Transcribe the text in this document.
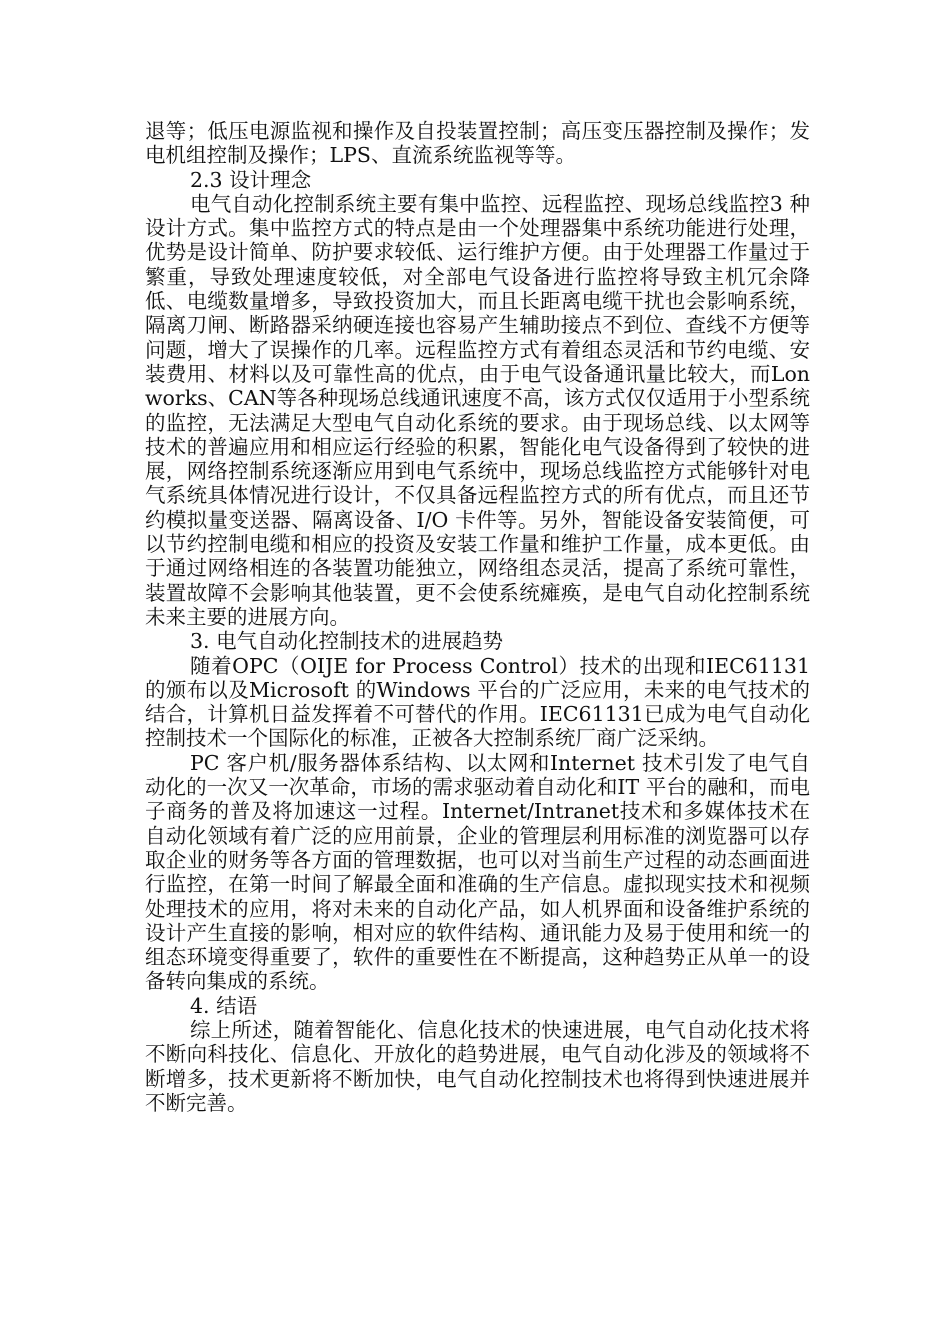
退等；低压电源监视和操作及自投装置控制；高压变压器控制及操作；发电机组控制及操作；LPS、直流系统监视等等。

2.3 设计理念

电气自动化控制系统主要有集中监控、远程监控、现场总线监控3 种设计方式。集中监控方式的特点是由一个处理器集中系统功能进行处理，优势是设计简单、防护要求较低、运行维护方便。由于处理器工作量过于繁重，导致处理速度较低，对全部电气设备进行监控将导致主机冗余降低、电缆数量增多，导致投资加大，而且长距离电缆干扰也会影响系统，隔离刀闸、断路器采纳硬连接也容易产生辅助接点不到位、查线不方便等问题，增大了误操作的几率。远程监控方式有着组态灵活和节约电缆、安装费用、材料以及可靠性高的优点，由于电气设备通讯量比较大，而Lonworks、CAN等各种现场总线通讯速度不高，该方式仅仅适用于小型系统的监控，无法满足大型电气自动化系统的要求。由于现场总线、以太网等技术的普遍应用和相应运行经验的积累，智能化电气设备得到了较快的进展，网络控制系统逐渐应用到电气系统中，现场总线监控方式能够针对电气系统具体情况进行设计，不仅具备远程监控方式的所有优点，而且还节约模拟量变送器、隔离设备、I/O 卡件等。另外，智能设备安装简便，可以节约控制电缆和相应的投资及安装工作量和维护工作量，成本更低。由于通过网络相连的各装置功能独立，网络组态灵活，提高了系统可靠性，装置故障不会影响其他装置，更不会使系统瘫痪，是电气自动化控制系统未来主要的进展方向。

3. 电气自动化控制技术的进展趋势

随着OPC（OIJE for Process Control）技术的出现和IEC61131的颁布以及Microsoft 的Windows 平台的广泛应用，未来的电气技术的结合，计算机日益发挥着不可替代的作用。IEC61131已成为电气自动化控制技术一个国际化的标准，正被各大控制系统厂商广泛采纳。

PC 客户机/服务器体系结构、以太网和Internet 技术引发了电气自动化的一次又一次革命，市场的需求驱动着自动化和IT 平台的融和，而电子商务的普及将加速这一过程。Internet/Intranet技术和多媒体技术在自动化领域有着广泛的应用前景，企业的管理层利用标准的浏览器可以存取企业的财务等各方面的管理数据，也可以对当前生产过程的动态画面进行监控，在第一时间了解最全面和准确的生产信息。虚拟现实技术和视频处理技术的应用，将对未来的自动化产品，如人机界面和设备维护系统的设计产生直接的影响，相对应的软件结构、通讯能力及易于使用和统一的组态环境变得重要了，软件的重要性在不断提高，这种趋势正从单一的设备转向集成的系统。

4. 结语

综上所述，随着智能化、信息化技术的快速进展，电气自动化技术将不断向科技化、信息化、开放化的趋势进展，电气自动化涉及的领域将不断增多，技术更新将不断加快，电气自动化控制技术也将得到快速进展并不断完善。
